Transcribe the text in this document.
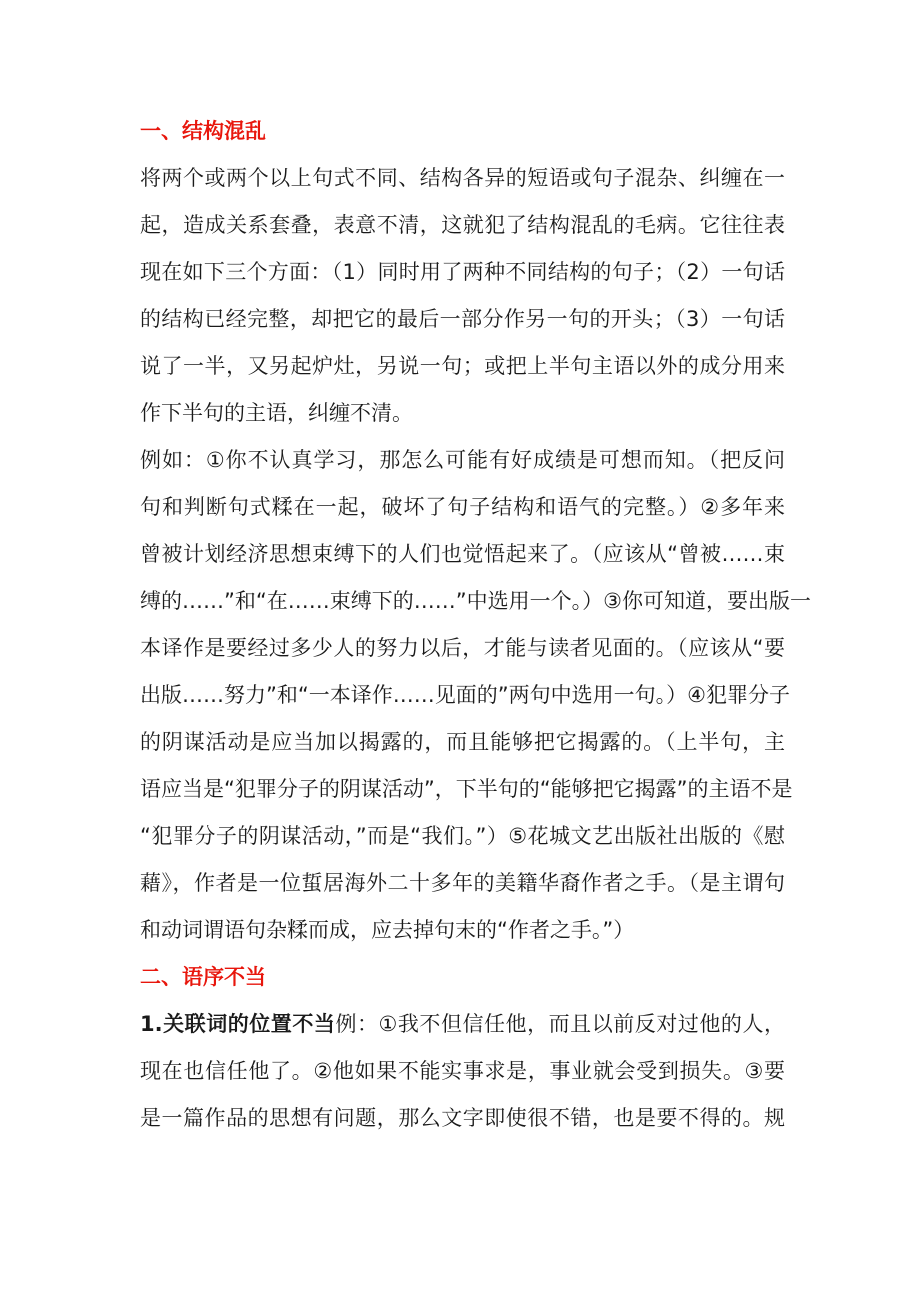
一、结构混乱
将两个或两个以上句式不同、结构各异的短语或句子混杂、纠缠在一
起，造成关系套叠，表意不清，这就犯了结构混乱的毛病。它往往表
现在如下三个方面：（1）同时用了两种不同结构的句子；（2）一句话
的结构已经完整，却把它的最后一部分作另一句的开头；（3）一句话
说了一半，又另起炉灶，另说一句；或把上半句主语以外的成分用来
作下半句的主语，纠缠不清。
例如：①你不认真学习，那怎么可能有好成绩是可想而知。（把反问
句和判断句式糅在一起，破坏了句子结构和语气的完整。）②多年来
曾被计划经济思想束缚下的人们也觉悟起来了。（应该从“曾被……束
缚的……”和“在……束缚下的……”中选用一个。）③你可知道，要出版一
本译作是要经过多少人的努力以后，才能与读者见面的。（应该从“要
出版……努力”和“一本译作……见面的”两句中选用一句。）④犯罪分子
的阴谋活动是应当加以揭露的，而且能够把它揭露的。（上半句，主
语应当是“犯罪分子的阴谋活动”，下半句的“能够把它揭露”的主语不是
“犯罪分子的阴谋活动，”而是“我们。”）⑤花城文艺出版社出版的《慰
藉》，作者是一位蜇居海外二十多年的美籍华裔作者之手。（是主谓句
和动词谓语句杂糅而成，应去掉句末的“作者之手。”）
二、语序不当
1.关联词的位置不当例：①我不但信任他，而且以前反对过他的人，
现在也信任他了。②他如果不能实事求是，事业就会受到损失。③要
是一篇作品的思想有问题，那么文字即使很不错，也是要不得的。规
